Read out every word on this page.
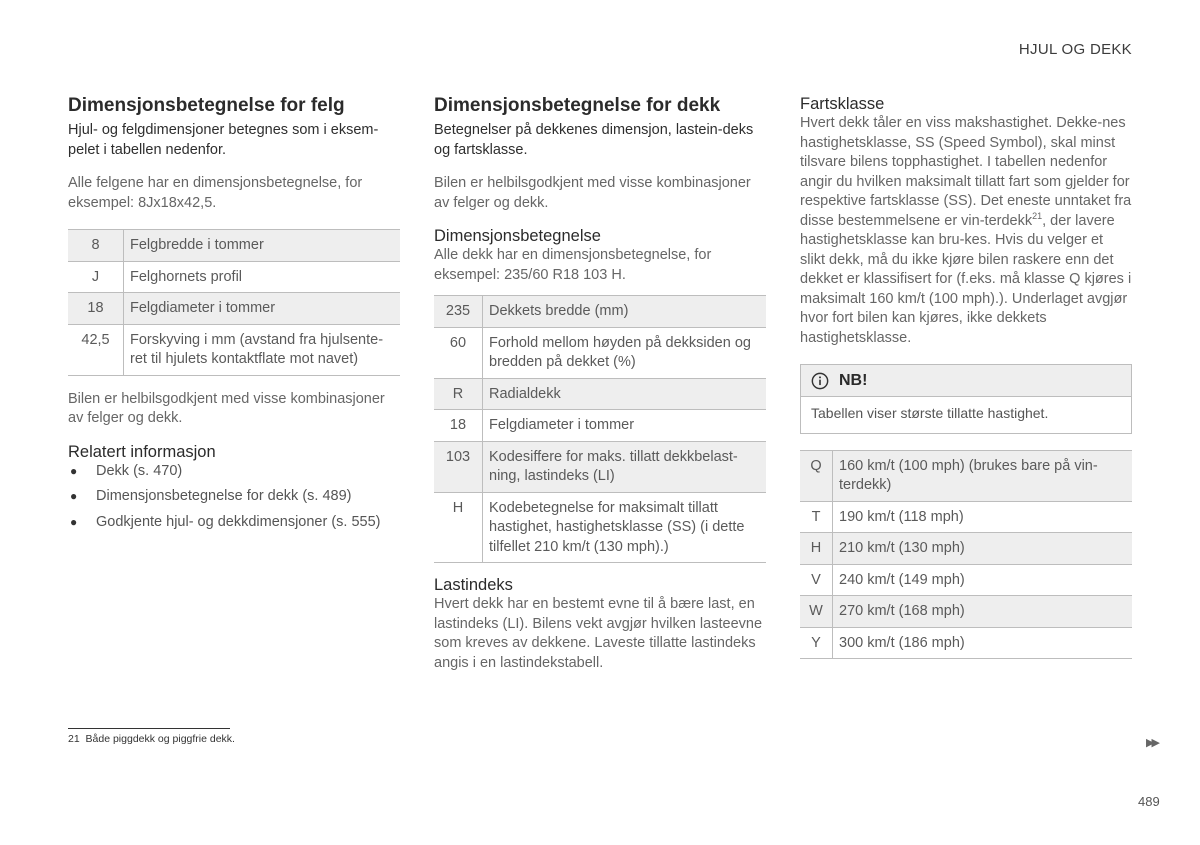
HJUL OG DEKK
Dimensjonsbetegnelse for felg

Hjul- og felgdimensjoner betegnes som i eksem-pelet i tabellen nedenfor.

Alle felgene har en dimensjonsbetegnelse, for eksempel: 8Jx18x42,5.

8	Felgbredde i tommer
J	Felghornets profil
18	Felgdiameter i tommer
42,5	Forskyving i mm (avstand fra hjulsente-ret til hjulets kontaktflate mot navet)

Bilen er helbilsgodkjent med visse kombinasjoner av felger og dekk.

Relatert informasjon
● Dekk (s. 470)
● Dimensjonsbetegnelse for dekk (s. 489)
● Godkjente hjul- og dekkdimensjoner (s. 555)
Dimensjonsbetegnelse for dekk

Betegnelser på dekkenes dimensjon, lastein-deks og fartsklasse.

Bilen er helbilsgodkjent med visse kombinasjoner av felger og dekk.

Dimensjonsbetegnelse

Alle dekk har en dimensjonsbetegnelse, for eksempel: 235/60 R18 103 H.

235	Dekkets bredde (mm)
60	Forhold mellom høyden på dekksiden og bredden på dekket (%)
R	Radialdekk
18	Felgdiameter i tommer
103	Kodesiffere for maks. tillatt dekkbelast-ning, lastindeks (LI)
H	Kodebetegnelse for maksimalt tillatt hastighet, hastighetsklasse (SS) (i dette tilfellet 210 km/t (130 mph).)
Lastindeks

Hvert dekk har en bestemt evne til å bære last, en lastindeks (LI). Bilens vekt avgjør hvilken lasteevne som kreves av dekkene. Laveste tillatte lastindeks angis i en lastindekstabell.

Fartsklasse

Hvert dekk tåler en viss makshastighet. Dekke-nes hastighetsklasse, SS (Speed Symbol), skal minst tilsvare bilens topphastighet. I tabellen nedenfor angir du hvilken maksimalt tillatt fart som gjelder for respektive fartsklasse (SS). Det eneste unntaket fra disse bestemmelsene er vin-terdekk$^{21}$, der lavere hastighetsklasse kan bru-kes. Hvis du velger et slikt dekk, må du ikke kjøre bilen raskere enn det dekket er klassifisert for (f.eks. må klasse Q kjøres i maksimalt 160 km/t (100 mph).). Underlaget avgjør hvor fort bilen kan kjøres, ikke dekkets hastighetsklasse.

NB!
Tabellen viser største tillatte hastighet.
Q	160 km/t (100 mph) (brukes bare på vin-terdekk)
T	190 km/t (118 mph)
H	210 km/t (130 mph)
V	240 km/t (149 mph)
W	270 km/t (168 mph)
Y	300 km/t (186 mph)
21 Både piggdekk og piggfrie dekk.	▶▶
489
